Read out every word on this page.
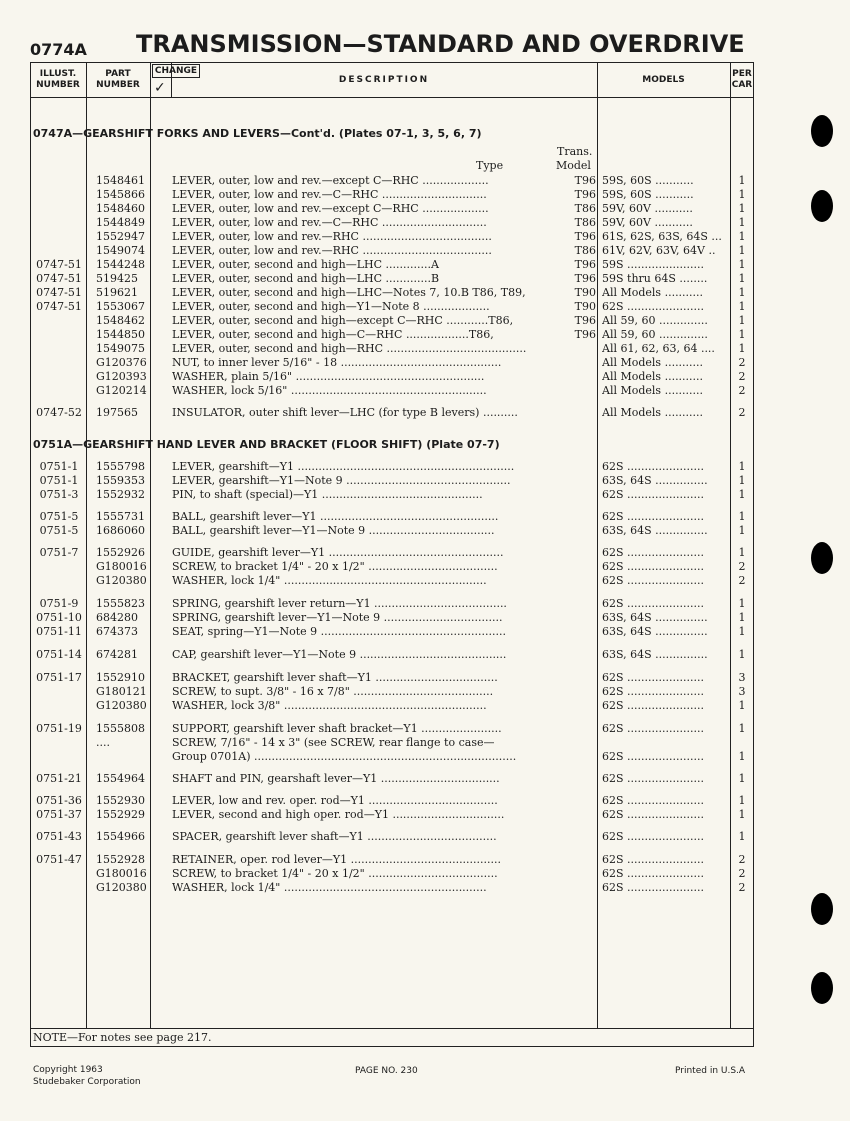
0774A TRANSMISSION—STANDARD AND OVERDRIVE
ILLUST.
NUMBER
PART
NUMBER
CHANGE
✓
DESCRIPTION	MODELS
PER
CAR
0747A—GEARSHIFT FORKS AND LEVERS—Cont'd. (Plates 07-1, 3, 5, 6, 7)
Trans.
Type	Model
1548461	LEVER, outer, low and rev.—except C—RHC ...................	T96 59S, 60S ...........	1
1545866	LEVER, outer, low and rev.—C—RHC ..............................	T96 59S, 60S ...........	1
1548460	LEVER, outer, low and rev.—except C—RHC ...................	T86 59V, 60V ...........	1
1544849	LEVER, outer, low and rev.—C—RHC ..............................	T86 59V, 60V ...........	1
1552947	LEVER, outer, low and rev.—RHC .....................................	T96 61S, 62S, 63S, 64S ...	1
1549074	LEVER, outer, low and rev.—RHC .....................................	T86 61V, 62V, 63V, 64V ..	1
0747-51	1544248	LEVER, outer, second and high—LHC .............A	T96 59S ......................	1
0747-51	519425	LEVER, outer, second and high—LHC .............B	T96 59S thru 64S ........	1
0747-51	519621	LEVER, outer, second and high—LHC—Notes 7, 10.B T86, T89,	T90 All Models ...........	1
0747-51	1553067	LEVER, outer, second and high—Y1—Note 8 ...................	T90 62S ......................	1
1548462	LEVER, outer, second and high—except C—RHC ............T86,	T96 All 59, 60 ..............	1
1544850	LEVER, outer, second and high—C—RHC ..................T86,	T96 All 59, 60 ..............	1
1549075	LEVER, outer, second and high—RHC ........................................	All 61, 62, 63, 64 ....	1
G120376	NUT, to inner lever 5/16" - 18 ..............................................	All Models ...........	2
G120393	WASHER, plain 5/16" ......................................................	All Models ...........	2
G120214	WASHER, lock 5/16" ........................................................	All Models ...........	2
0747-52	197565	INSULATOR, outer shift lever—LHC (for type B levers) ..........	All Models ...........	2
0751A—GEARSHIFT HAND LEVER AND BRACKET (FLOOR SHIFT) (Plate 07-7)
0751-1	1555798	LEVER, gearshift—Y1 ..............................................................	62S ......................	1
0751-1	1559353	LEVER, gearshift—Y1—Note 9 ...............................................	63S, 64S ...............	1
0751-3	1552932	PIN, to shaft (special)—Y1 ..............................................	62S ......................	1
0751-5	1555731	BALL, gearshift lever—Y1 ...................................................	62S ......................	1
0751-5	1686060	BALL, gearshift lever—Y1—Note 9 ....................................	63S, 64S ...............	1
0751-7	1552926	GUIDE, gearshift lever—Y1 ..................................................	62S ......................	1
G180016	SCREW, to bracket 1/4" - 20 x 1/2" .....................................	62S ......................	2
G120380	WASHER, lock 1/4" ..........................................................	62S ......................	2
0751-9	1555823	SPRING, gearshift lever return—Y1 ......................................	62S ......................	1
0751-10	684280	SPRING, gearshift lever—Y1—Note 9 ..................................	63S, 64S ...............	1
0751-11	674373	SEAT, spring—Y1—Note 9 .....................................................	63S, 64S ...............	1
0751-14	674281	CAP, gearshift lever—Y1—Note 9 ..........................................	63S, 64S ...............	1
0751-17	1552910	BRACKET, gearshift lever shaft—Y1 ...................................	62S ......................	3
G180121	SCREW, to supt. 3/8" - 16 x 7/8" ........................................	62S ......................	3
G120380	WASHER, lock 3/8" ..........................................................	62S ......................	1
0751-19	1555808	SUPPORT, gearshift lever shaft bracket—Y1 .......................	62S ......................	1
....	SCREW, 7/16" - 14 x 3" (see SCREW, rear flange to case—
Group 0701A) ...........................................................................	62S ......................	1
0751-21	1554964	SHAFT and PIN, gearshaft lever—Y1 ..................................	62S ......................	1
0751-36	1552930	LEVER, low and rev. oper. rod—Y1 .....................................	62S ......................	1
0751-37	1552929	LEVER, second and high oper. rod—Y1 ................................	62S ......................	1
0751-43	1554966	SPACER, gearshift lever shaft—Y1 .....................................	62S ......................	1
0751-47	1552928	RETAINER, oper. rod lever—Y1 ...........................................	62S ......................	2
G180016	SCREW, to bracket 1/4" - 20 x 1/2" .....................................	62S ......................	2
G120380	WASHER, lock 1/4" ..........................................................	62S ......................	2
NOTE—For notes see page 217.
Copyright 1963
Studebaker Corporation
PAGE NO. 230	Printed in U.S.A
